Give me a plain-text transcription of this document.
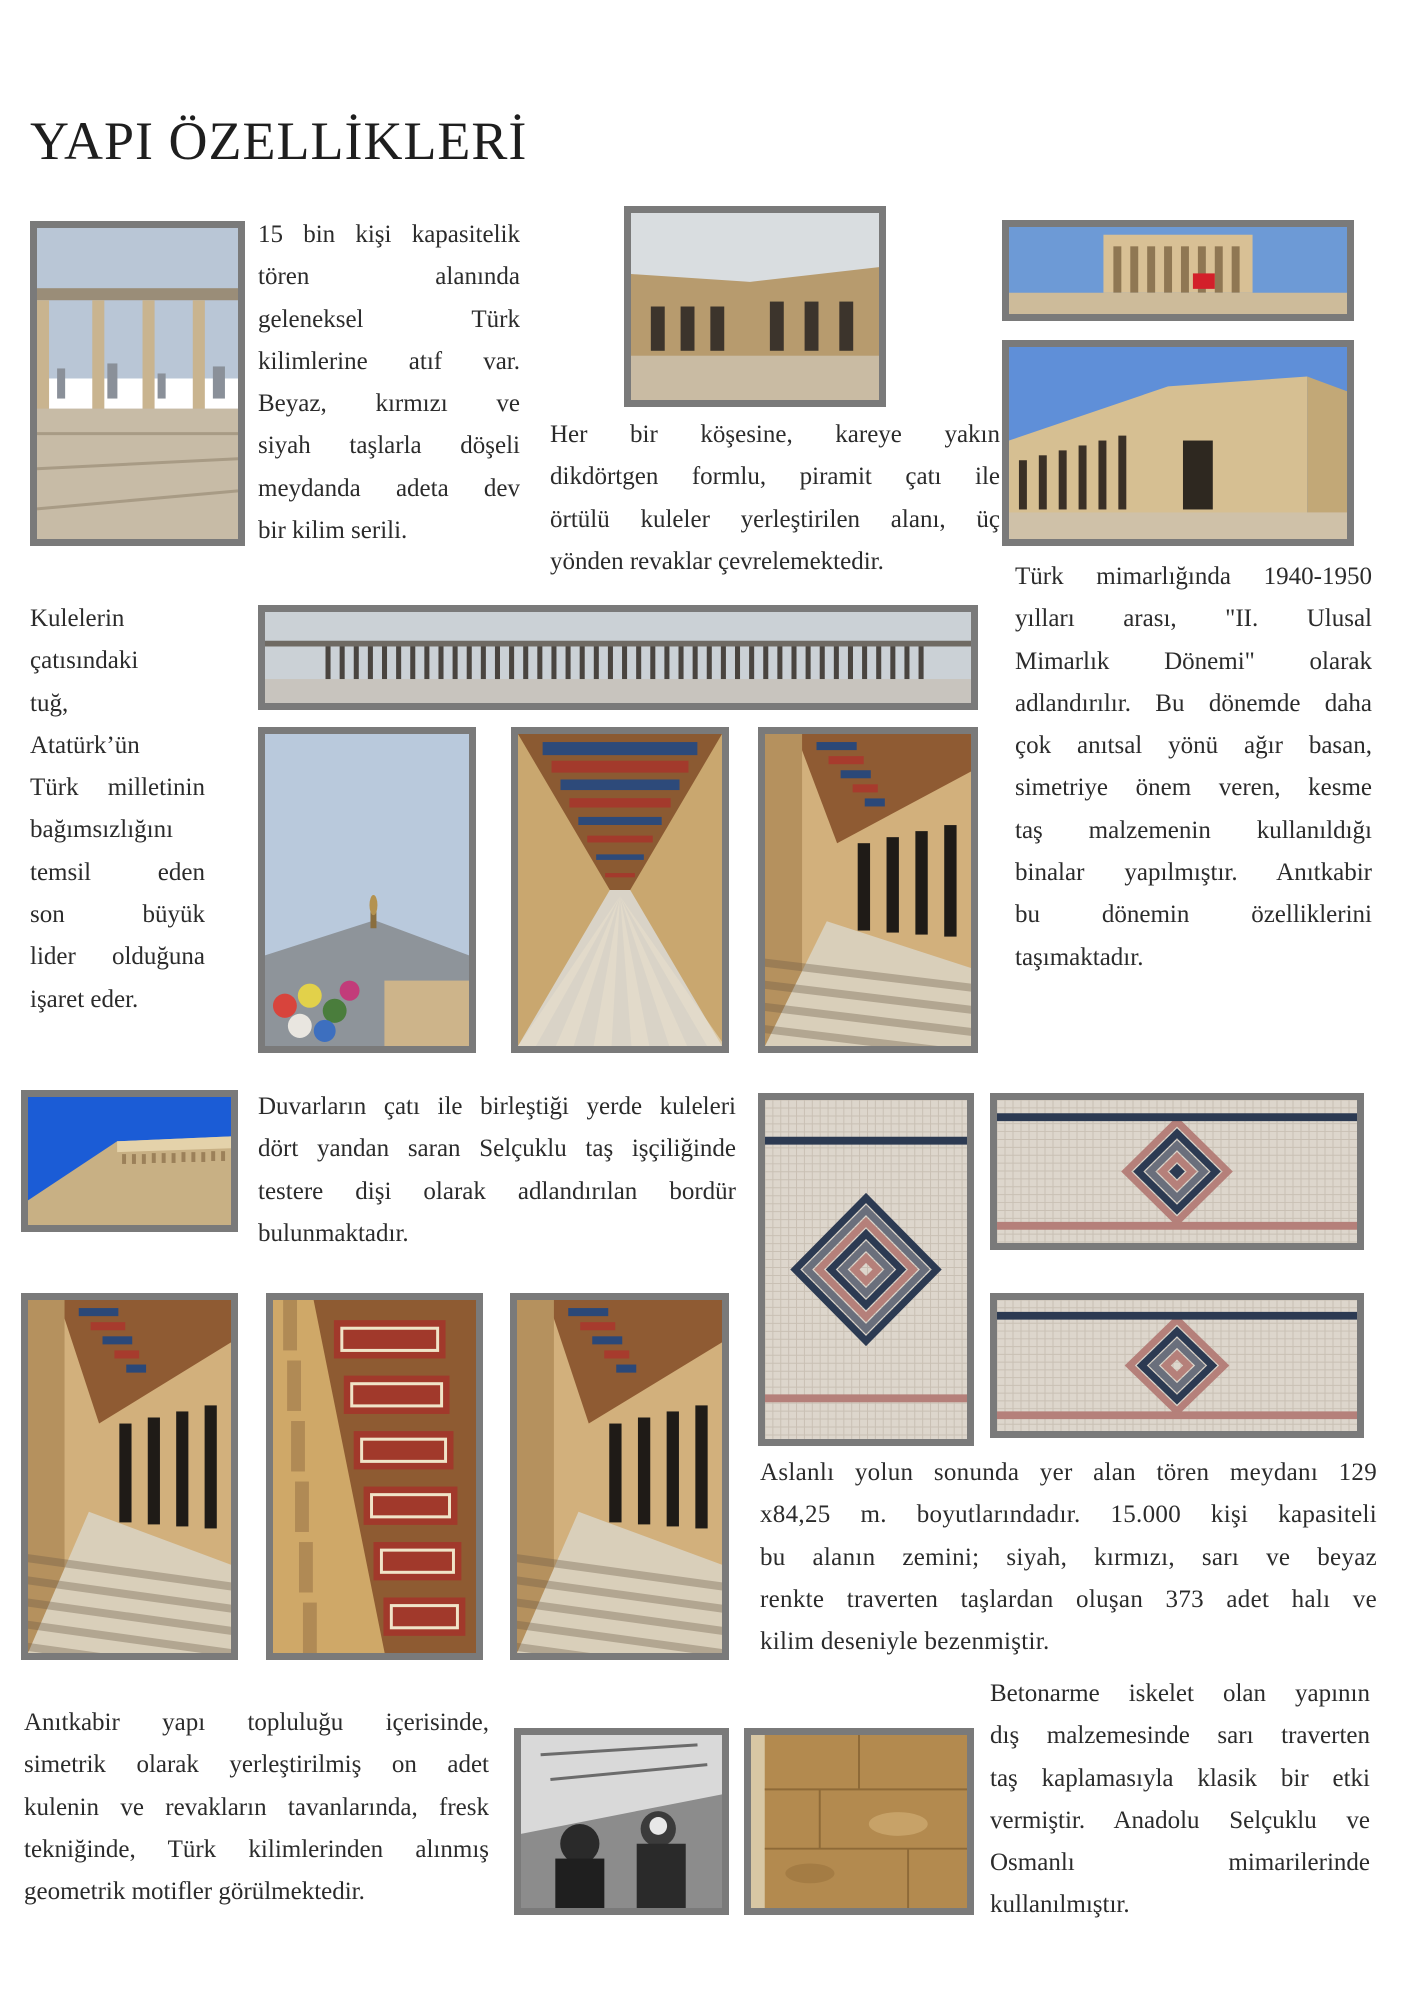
YAPI ÖZELLİKLERİ
15 bin kişi kapasitelik
tören alanında
geleneksel Türk
kilimlerine atıf var.
Beyaz, kırmızı ve
siyah taşlarla döşeli
meydanda adeta dev
bir kilim serili.
Her bir köşesine, kareye yakın
dikdörtgen formlu, piramit çatı ile
örtülü kuleler yerleştirilen alanı, üç
yönden revaklar çevrelemektedir.
Türk mimarlığında 1940-1950
yılları arası, "II. Ulusal
Mimarlık Dönemi" olarak
adlandırılır. Bu dönemde daha
çok anıtsal yönü ağır basan,
simetriye önem veren, kesme
taş malzemenin kullanıldığı
binalar yapılmıştır. Anıtkabir
bu dönemin özelliklerini
taşımaktadır.
Kulelerin
çatısındaki
tuğ,
Atatürk’ün
Türk milletinin
bağımsızlığını
temsil eden
son büyük
lider olduğuna
işaret eder.
Duvarların çatı ile birleştiği yerde kuleleri
dört yandan saran Selçuklu taş işçiliğinde
testere dişi olarak adlandırılan bordür
bulunmaktadır.
Aslanlı yolun sonunda yer alan tören meydanı 129
x84,25 m. boyutlarındadır. 15.000 kişi kapasiteli
bu alanın zemini; siyah, kırmızı, sarı ve beyaz
renkte traverten taşlardan oluşan 373 adet halı ve
kilim deseniyle bezenmiştir.
Anıtkabir yapı topluluğu içerisinde,
simetrik olarak yerleştirilmiş on adet
kulenin ve revakların tavanlarında, fresk
tekniğinde, Türk kilimlerinden alınmış
geometrik motifler görülmektedir.
Betonarme iskelet olan yapının
dış malzemesinde sarı traverten
taş kaplamasıyla klasik bir etki
vermiştir. Anadolu Selçuklu ve
Osmanlı mimarilerinde
kullanılmıştır.
